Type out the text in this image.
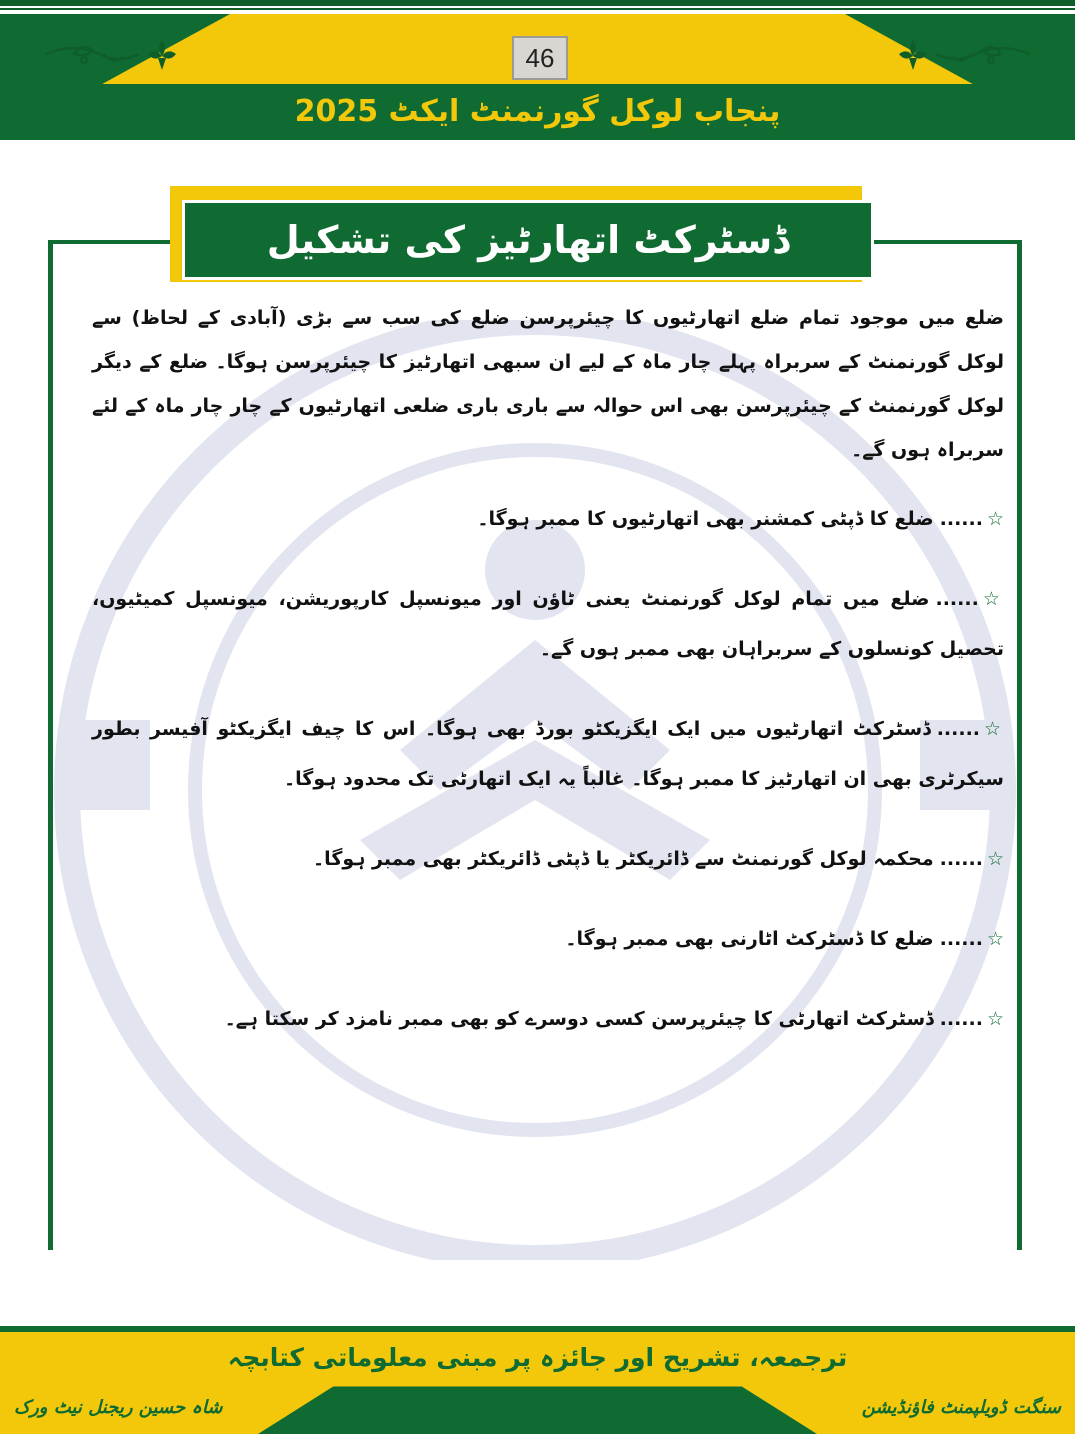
46
پنجاب لوکل گورنمنٹ ایکٹ 2025
ڈسٹرکٹ اتھارٹیز کی تشکیل

ضلع میں موجود تمام ضلع اتھارٹیوں کا چیئرپرسن ضلع کی سب سے بڑی (آبادی کے لحاظ) سے لوکل گورنمنٹ کے سربراہ پہلے چار ماہ کے لیے ان سبھی اتھارٹیز کا چیئرپرسن ہوگا۔ ضلع کے دیگر لوکل گورنمنٹ کے چیئرپرسن بھی اس حوالہ سے باری باری ضلعی اتھارٹیوں کے چار چار ماہ کے لئے سربراہ ہوں گے۔

☆......ضلع کا ڈپٹی کمشنر بھی اتھارٹیوں کا ممبر ہوگا۔

☆......ضلع میں تمام لوکل گورنمنٹ یعنی ٹاؤن اور میونسپل کارپوریشن، میونسپل کمیٹیوں، تحصیل کونسلوں کے سربراہان بھی ممبر ہوں گے۔

☆......ڈسٹرکٹ اتھارٹیوں میں ایک ایگزیکٹو بورڈ بھی ہوگا۔ اس کا چیف ایگزیکٹو آفیسر بطور سیکرٹری بھی ان اتھارٹیز کا ممبر ہوگا۔ غالباً یہ ایک اتھارٹی تک محدود ہوگا۔

☆......محکمہ لوکل گورنمنٹ سے ڈائریکٹر یا ڈپٹی ڈائریکٹر بھی ممبر ہوگا۔

☆......ضلع کا ڈسٹرکٹ اٹارنی بھی ممبر ہوگا۔

☆......ڈسٹرکٹ اتھارٹی کا چیئرپرسن کسی دوسرے کو بھی ممبر نامزد کر سکتا ہے۔

ترجمعہ، تشریح اور جائزہ پر مبنی معلوماتی کتابچہ
شاہ حسین ریجنل نیٹ ورک	سنگت ڈویلپمنٹ فاؤنڈیشن
